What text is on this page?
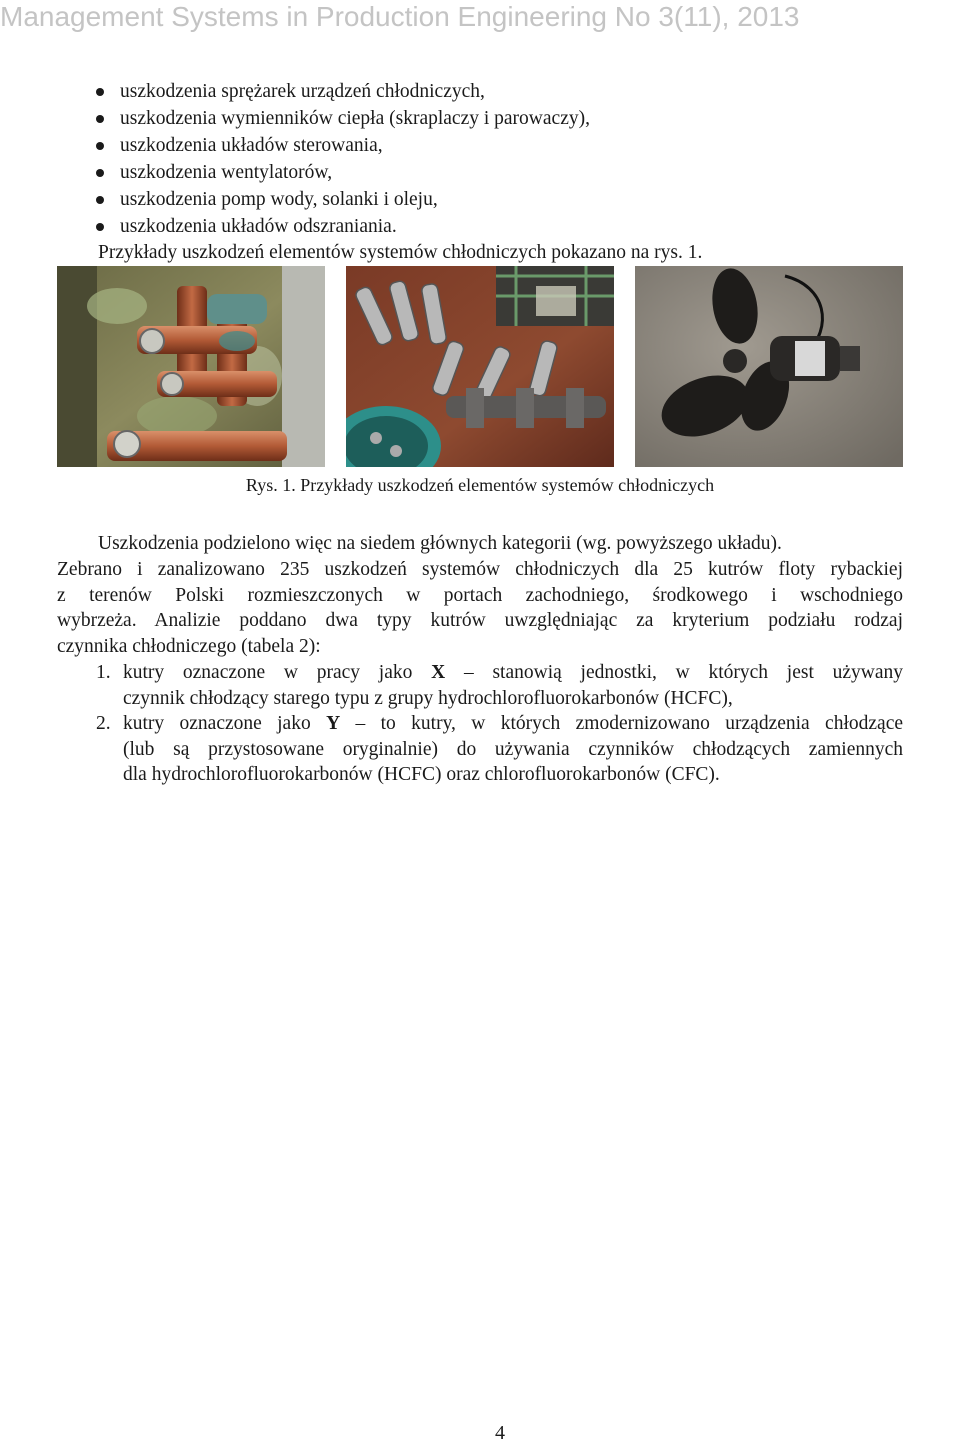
Management Systems in Production Engineering No 3(11), 2013
uszkodzenia sprężarek urządzeń chłodniczych,
uszkodzenia wymienników ciepła (skraplaczy i parowaczy),
uszkodzenia układów sterowania,
uszkodzenia wentylatorów,
uszkodzenia pomp wody, solanki i oleju,
uszkodzenia układów odszraniania.
Przykłady uszkodzeń elementów systemów chłodniczych pokazano na rys. 1.
Rys. 1. Przykłady uszkodzeń elementów systemów chłodniczych
Uszkodzenia podzielono więc na siedem głównych kategorii (wg. powyższego układu).
Zebrano i zanalizowano 235 uszkodzeń systemów chłodniczych dla 25 kutrów floty rybackiej
z terenów Polski rozmieszczonych w portach zachodniego, środkowego i wschodniego
wybrzeża. Analizie poddano dwa typy kutrów uwzględniając za kryterium podziału rodzaj
czynnika chłodniczego (tabela 2):
1. kutry oznaczone w pracy jako X – stanowią jednostki, w których jest używany
czynnik chłodzący starego typu z grupy hydrochlorofluorokarbonów (HCFC),
2. kutry oznaczone jako Y – to kutry, w których zmodernizowano urządzenia chłodzące
(lub są przystosowane oryginalnie) do używania czynników chłodzących zamiennych
dla hydrochlorofluorokarbonów (HCFC) oraz chlorofluorokarbonów (CFC).
4
